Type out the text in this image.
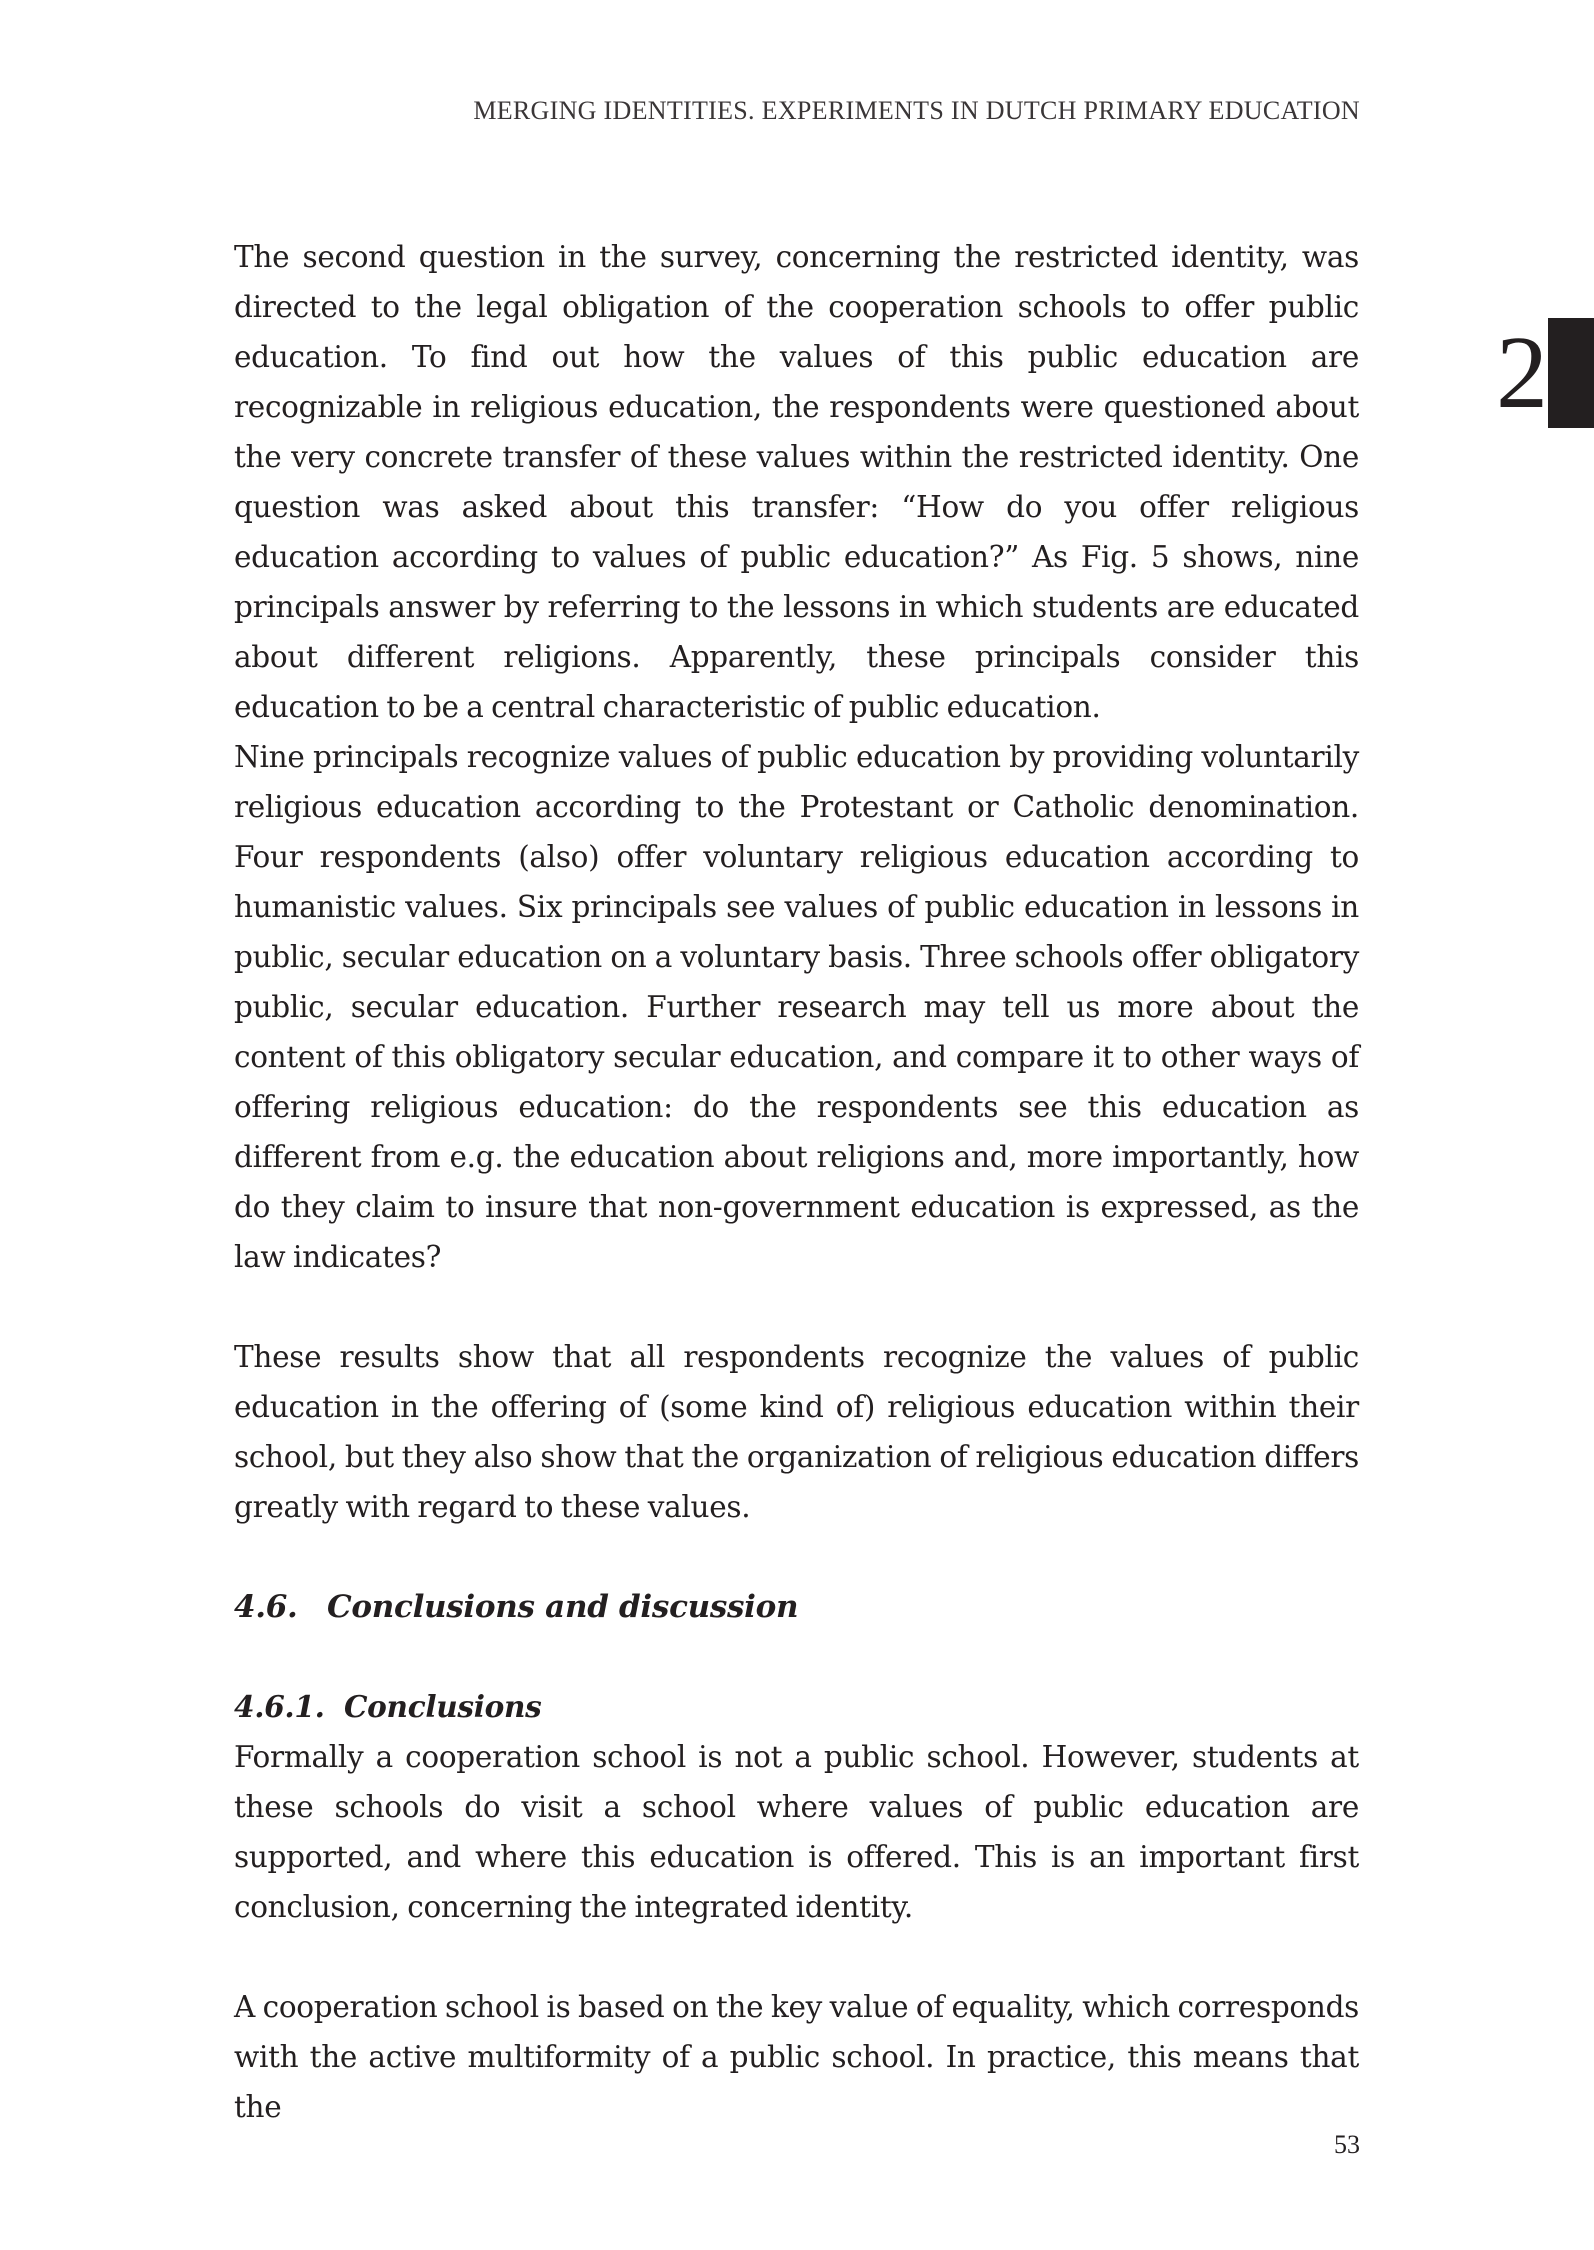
MERGING IDENTITIES. EXPERIMENTS IN DUTCH PRIMARY EDUCATION
2

The second question in the survey, concerning the restricted identity, was directed to the legal obligation of the cooperation schools to offer public education. To find out how the values of this public education are recognizable in religious education, the respondents were questioned about the very concrete transfer of these values within the restricted identity. One question was asked about this transfer: “How do you offer religious education according to values of public education?” As Fig. 5 shows, nine principals answer by referring to the lessons in which students are educated about different religions. Apparently, these principals consider this education to be a central characteristic of public education.

Nine principals recognize values of public education by providing voluntarily religious education according to the Protestant or Catholic denomination. Four respondents (also) offer voluntary religious education according to humanistic values. Six principals see values of public education in lessons in public, secular education on a voluntary basis. Three schools offer obligatory public, secular education. Further research may tell us more about the content of this obligatory secular education, and compare it to other ways of offering religious education: do the respondents see this education as different from e.g. the education about religions and, more importantly, how do they claim to insure that non-government education is expressed, as the law indicates?

These results show that all respondents recognize the values of public education in the offering of (some kind of) religious education within their school, but they also show that the organization of religious education differs greatly with regard to these values.

4.6. Conclusions and discussion
4.6.1. Conclusions

Formally a cooperation school is not a public school. However, students at these schools do visit a school where values of public education are supported, and where this education is offered. This is an important first conclusion, concerning the integrated identity.

A cooperation school is based on the key value of equality, which corresponds with the active multiformity of a public school. In practice, this means that the

53
